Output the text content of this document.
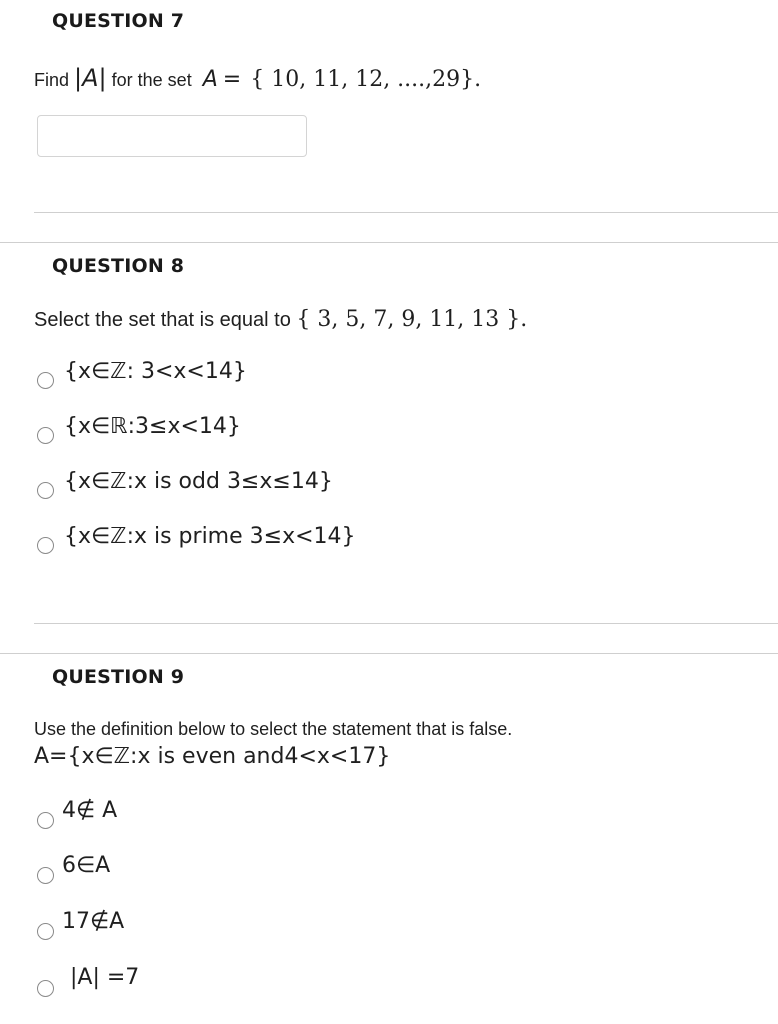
QUESTION 7
Find |A| for the set A = { 10, 11, 12, ....,29}.
QUESTION 8
Select the set that is equal to { 3, 5, 7, 9, 11, 13 }.
{x∈ℤ: 3<x<14}
{x∈ℝ:3≤x<14}
{x∈ℤ:x is odd 3≤x≤14}
{x∈ℤ:x is prime 3≤x<14}
QUESTION 9
Use the definition below to select the statement that is false.
A={x∈ℤ:x is even and4<x<17}
4∉ A
6∈A
17∉A
|A| =7
